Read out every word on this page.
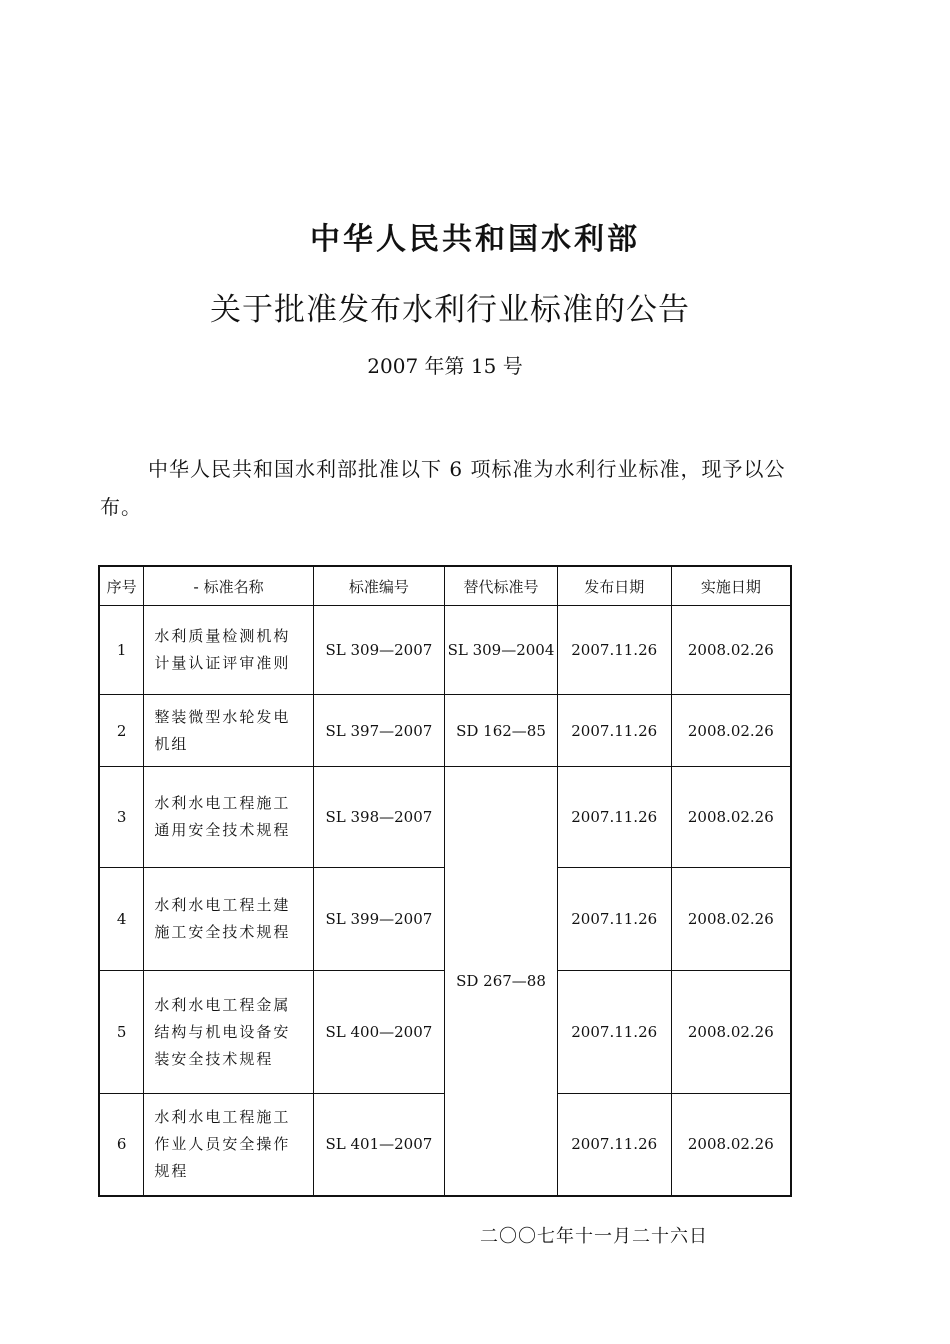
中华人民共和国水利部
关于批准发布水利行业标准的公告
2007 年第 15 号
中华人民共和国水利部批准以下 6 项标准为水利行业标准，现予以公布。
序号	- 标准名称	标准编号	替代标准号	发布日期	实施日期
1	水利质量检测机构计量认证评审准则	SL 309—2007	SL 309—2004	2007.11.26	2008.02.26
2	整装微型水轮发电机组	SL 397—2007	SD 162—85	2007.11.26	2008.02.26
3	水利水电工程施工通用安全技术规程	SL 398—2007	SD 267—88	2007.11.26	2008.02.26
4	水利水电工程土建施工安全技术规程	SL 399—2007		2007.11.26	2008.02.26
5	水利水电工程金属结构与机电设备安装安全技术规程	SL 400—2007		2007.11.26	2008.02.26
6	水利水电工程施工作业人员安全操作规程	SL 401—2007		2007.11.26	2008.02.26
二〇〇七年十一月二十六日
